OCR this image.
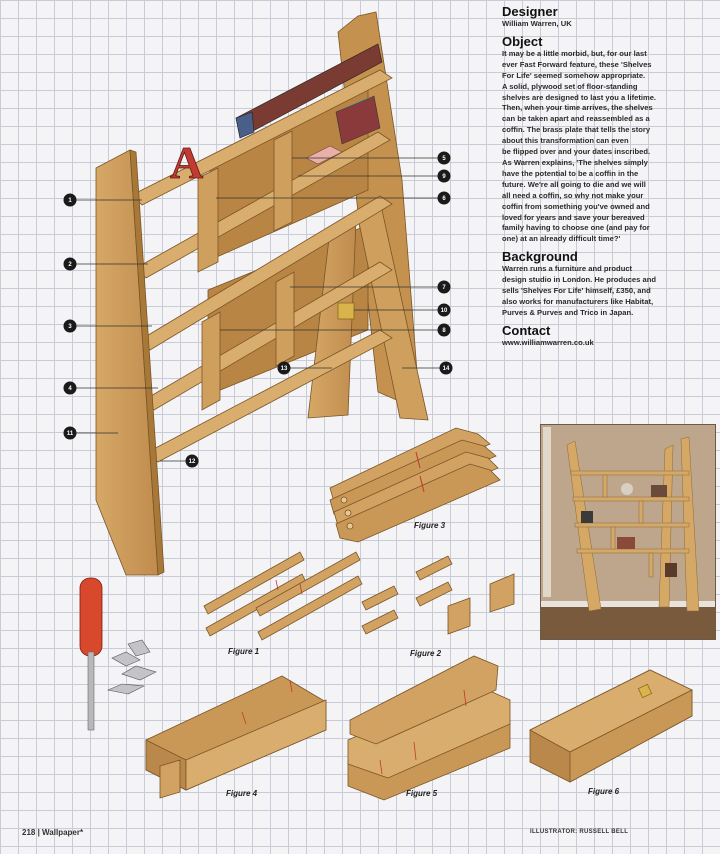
A
1
2
3
4
11
12
5
9
6
7
10
8
13	14
Figure 3
Figure 1	Figure 2
Figure 4	Figure 5	Figure 6
Designer

William Warren, UK

Object

It may be a little morbid, but, for our last

ever Fast Forward feature, these 'Shelves

For Life' seemed somehow appropriate.

A solid, plywood set of floor-standing

shelves are designed to last you a lifetime.

Then, when your time arrives, the shelves

can be taken apart and reassembled as a

coffin. The brass plate that tells the story

about this transformation can even

be flipped over and your dates inscribed.

As Warren explains, 'The shelves simply

have the potential to be a coffin in the

future. We're all going to die and we will

all need a coffin, so why not make your

coffin from something you've owned and

loved for years and save your bereaved

family having to choose one (and pay for

one) at an already difficult time?'

Background

Warren runs a furniture and product

design studio in London. He produces and

sells 'Shelves For Life' himself, £350, and

also works for manufacturers like Habitat,

Purves & Purves and Trico in Japan.

Contact

www.williamwarren.co.uk

218 | Wallpaper*	ILLUSTRATOR: RUSSELL BELL
